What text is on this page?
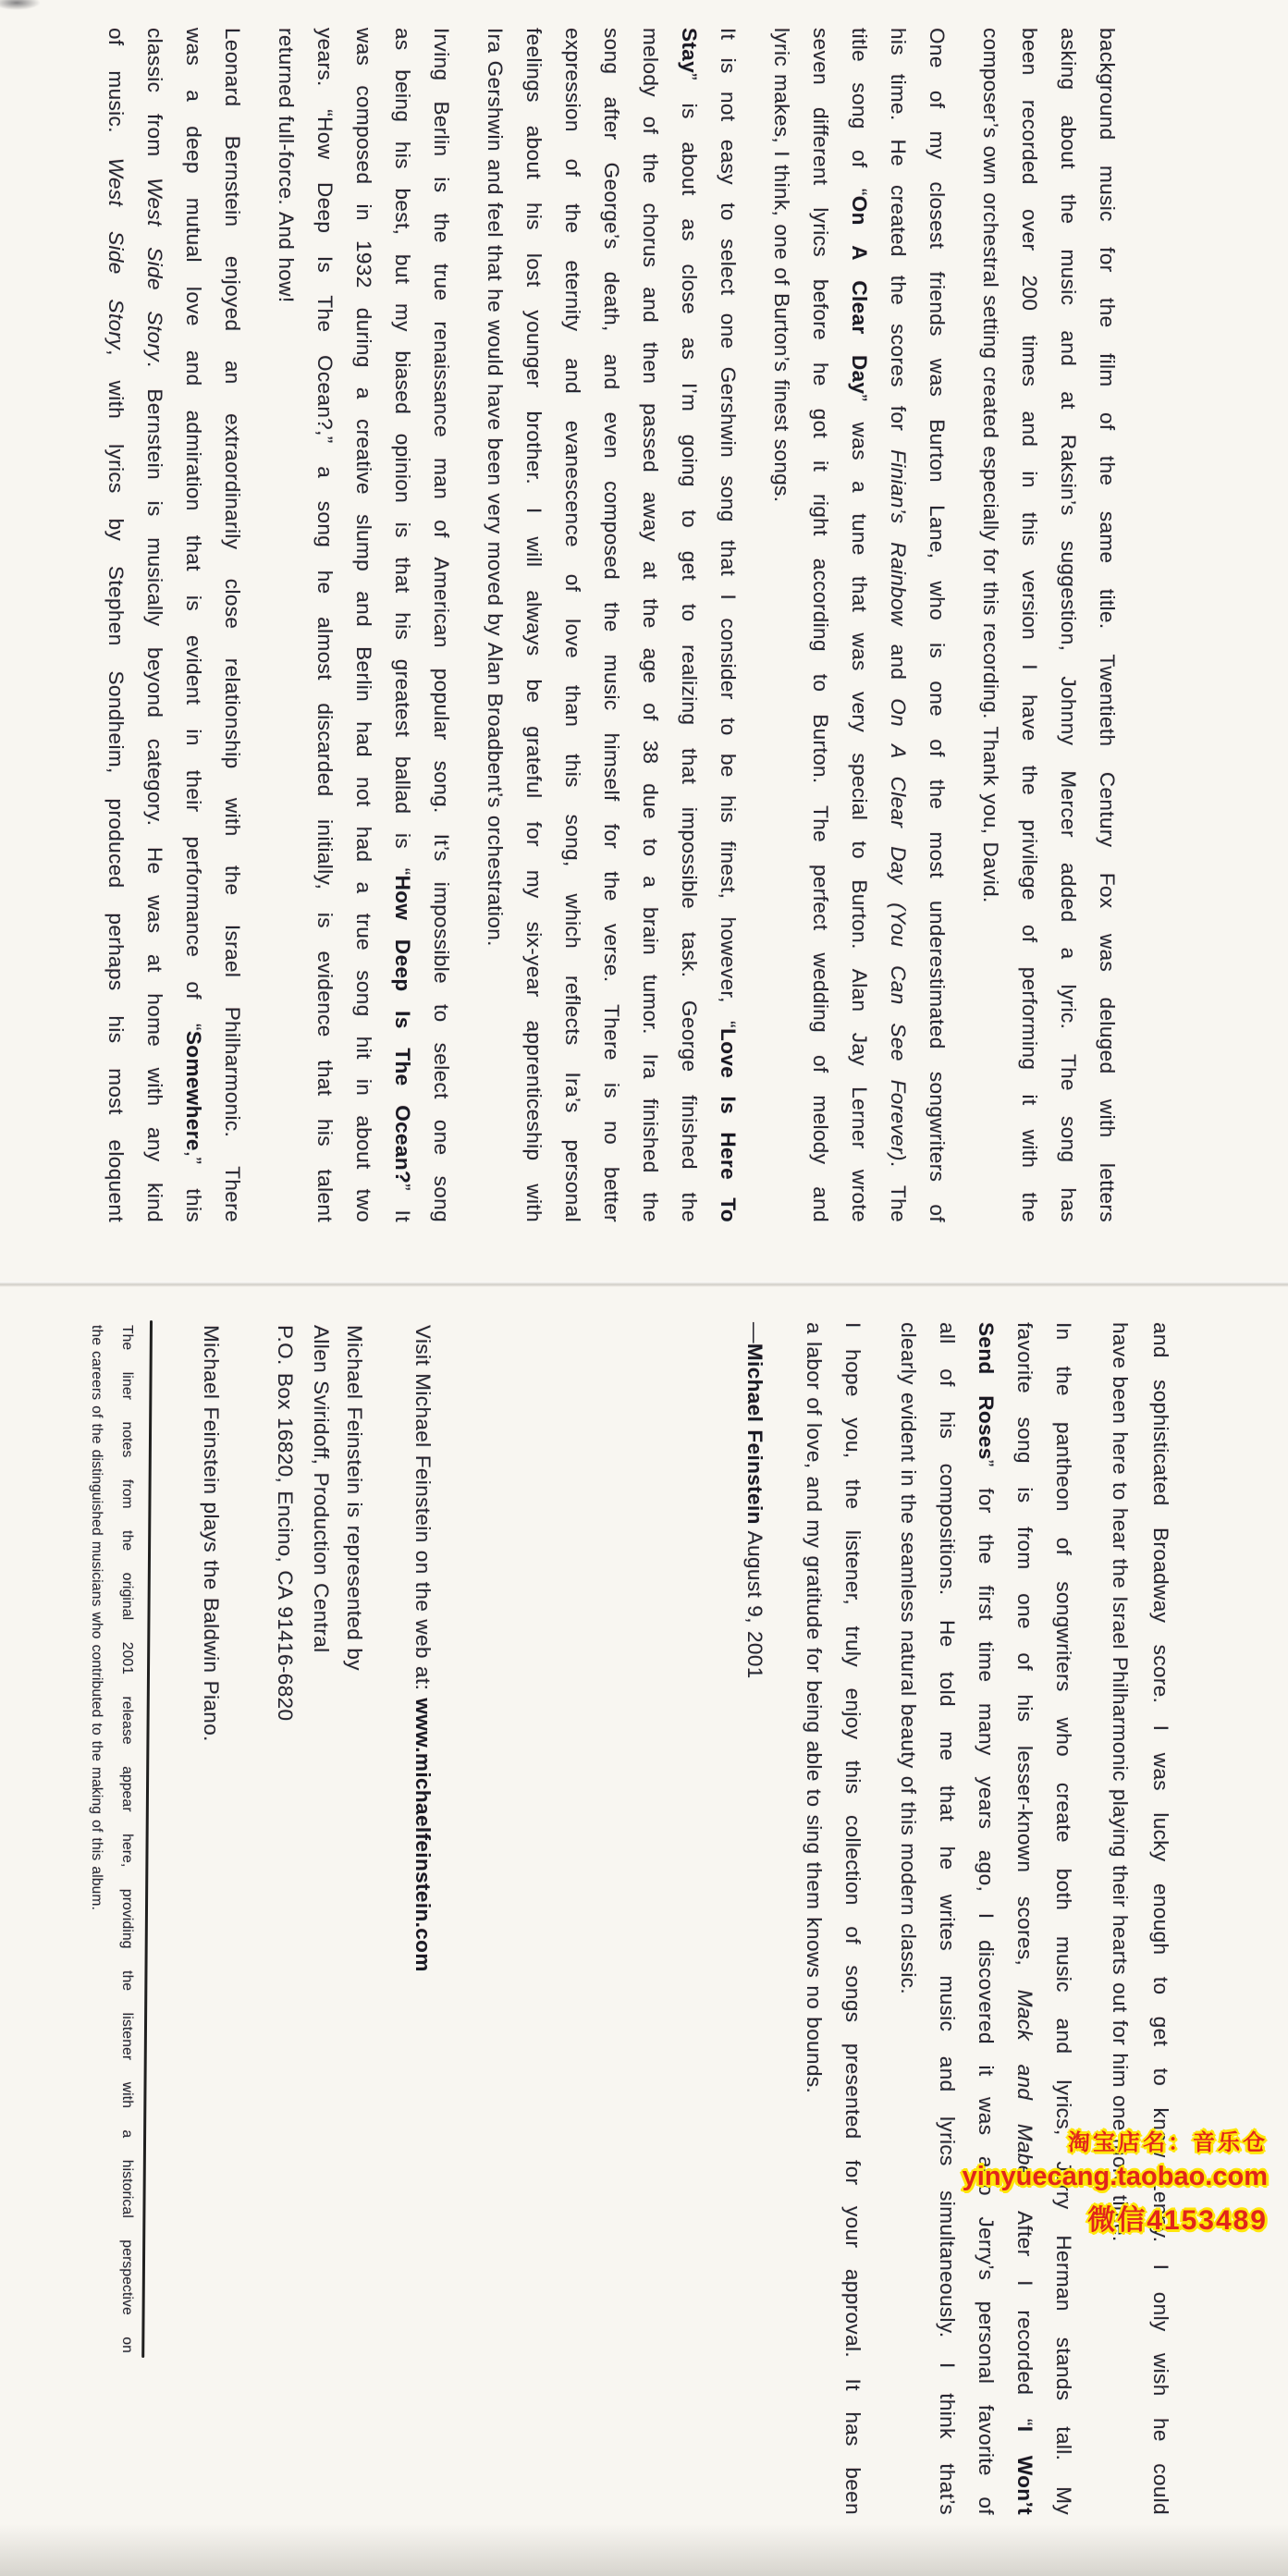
background music for the film of the same title. Twentieth Century Fox was deluged with letters
asking about the music and at Raksin’s suggestion, Johnny Mercer added a lyric. The song has
been recorded over 200 times and in this version I have the privilege of performing it with the
composer’s own orchestral setting created especially for this recording. Thank you, David.
One of my closest friends was Burton Lane, who is one of the most underestimated songwriters of
his time. He created the scores for Finian’s Rainbow and On A Clear Day (You Can See Forever). The
title song of “On A Clear Day” was a tune that was very special to Burton. Alan Jay Lerner wrote
seven different lyrics before he got it right according to Burton. The perfect wedding of melody and
lyric makes, I think, one of Burton’s finest songs.
It is not easy to select one Gershwin song that I consider to be his finest, however, “Love Is Here To
Stay” is about as close as I’m going to get to realizing that impossible task. George finished the
melody of the chorus and then passed away at the age of 38 due to a brain tumor. Ira finished the
song after George’s death, and even composed the music himself for the verse. There is no better
expression of the eternity and evanescence of love than this song, which reflects Ira’s personal
feelings about his lost younger brother. I will always be grateful for my six-year apprenticeship with
Ira Gershwin and feel that he would have been very moved by Alan Broadbent’s orchestration.
Irving Berlin is the true renaissance man of American popular song. It’s impossible to select one song
as being his best, but my biased opinion is that his greatest ballad is “How Deep Is The Ocean?” It
was composed in 1932 during a creative slump and Berlin had not had a true song hit in about two
years. “How Deep Is The Ocean?,” a song he almost discarded initially, is evidence that his talent
returned full-force. And how!
Leonard Bernstein enjoyed an extraordinarily close relationship with the Israel Philharmonic. There
was a deep mutual love and admiration that is evident in their performance of “Somewhere,” this
classic from West Side Story. Bernstein is musically beyond category. He was at home with any kind
of music. West Side Story, with lyrics by Stephen Sondheim, produced perhaps his most eloquent
and sophisticated Broadway score. I was lucky enough to get to know Lenny. I only wish he could
have been here to hear the Israel Philharmonic playing their hearts out for him one more time.
In the pantheon of songwriters who create both music and lyrics, Jerry Herman stands tall. My
favorite song is from one of his lesser-known scores, Mack and Mabel. After I recorded “I Won’t
Send Roses” for the first time many years ago, I discovered it was also Jerry’s personal favorite of
all of his compositions. He told me that he writes music and lyrics simultaneously. I think that’s
clearly evident in the seamless natural beauty of this modern classic.
I hope you, the listener, truly enjoy this collection of songs presented for your approval. It has been
a labor of love, and my gratitude for being able to sing them knows no bounds.
—Michael Feinstein August 9, 2001
Visit Michael Feinstein on the web at: www.michaelfeinstein.com
Michael Feinstein is represented by
Allen Sviridoff, Production Central
P.O. Box 16820, Encino, CA 91416-6820
Michael Feinstein plays the Baldwin Piano.
The liner notes from the original 2001 release appear here, providing the listener with a historical perspective on
the careers of the distinguished musicians who contributed to the making of this album.
淘宝店名：音乐仓
yinyuecang.taobao.com
微信4153489
